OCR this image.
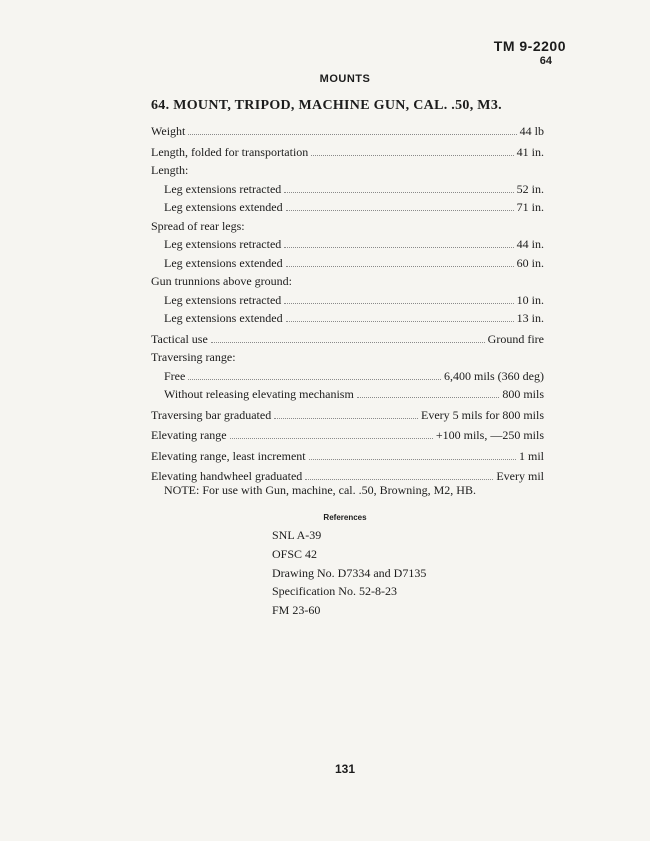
TM 9-2200
64
MOUNTS
64. MOUNT, TRIPOD, MACHINE GUN, CAL. .50, M3.
Weight	44 lb
Length, folded for transportation	41 in.
Length:
Leg extensions retracted	52 in.
Leg extensions extended	71 in.
Spread of rear legs:
Leg extensions retracted	44 in.
Leg extensions extended	60 in.
Gun trunnions above ground:
Leg extensions retracted	10 in.
Leg extensions extended	13 in.
Tactical use	Ground fire
Traversing range:
Free	6,400 mils (360 deg)
Without releasing elevating mechanism	800 mils
Traversing bar graduated	Every 5 mils for 800 mils
Elevating range	+100 mils, —250 mils
Elevating range, least increment	1 mil
Elevating handwheel graduated	Every mil
NOTE: For use with Gun, machine, cal. .50, Browning, M2, HB.
References
SNL A-39
OFSC 42
Drawing No. D7334 and D7135
Specification No. 52-8-23
FM 23-60
131
